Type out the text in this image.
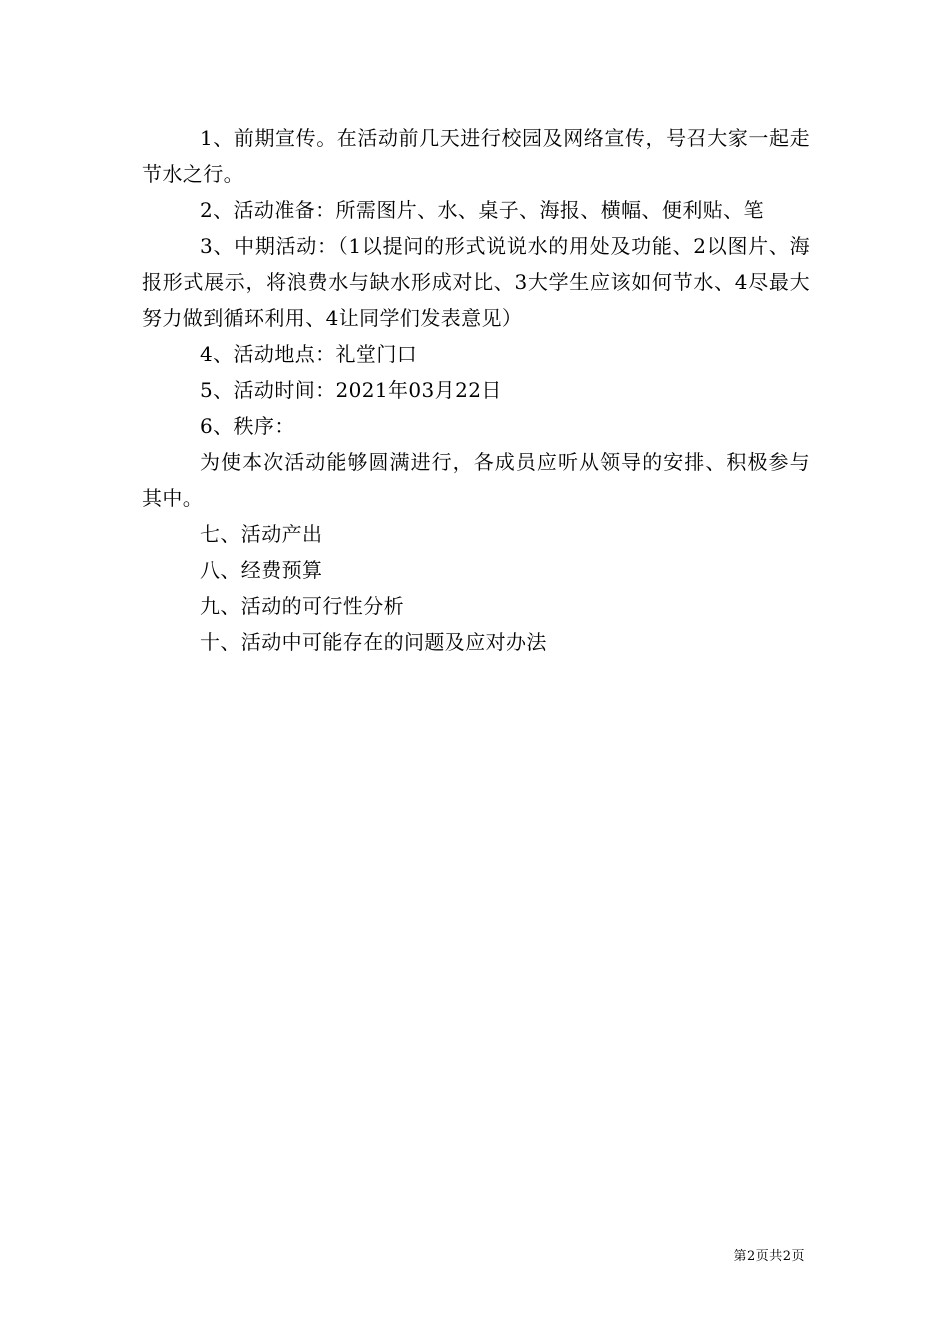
1、前期宣传。在活动前几天进行校园及网络宣传，号召大家一起走节水之行。

2、活动准备：所需图片、水、桌子、海报、横幅、便利贴、笔

3、中期活动：（1以提问的形式说说水的用处及功能、2以图片、海报形式展示，将浪费水与缺水形成对比、3大学生应该如何节水、4尽最大努力做到循环利用、4让同学们发表意见）

4、活动地点：礼堂门口

5、活动时间：2021年03月22日

6、秩序：

为使本次活动能够圆满进行，各成员应听从领导的安排、积极参与其中。

七、活动产出

八、经费预算

九、活动的可行性分析

十、活动中可能存在的问题及应对办法

第2页共2页
